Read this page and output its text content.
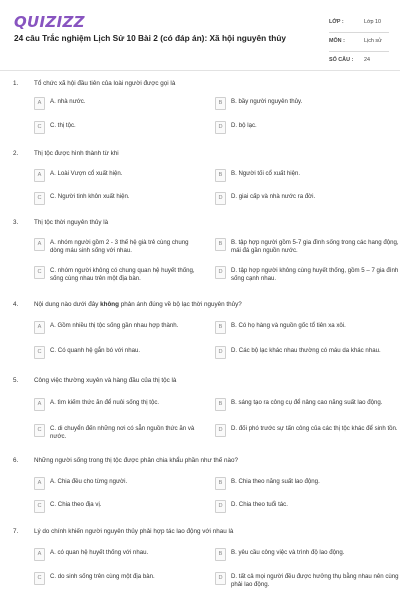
QUIZIZZ
24 câu Trắc nghiệm Lịch Sử 10 Bài 2 (có đáp án): Xã hội nguyên thủy
LỚP :	Lớp 10
MÔN :	Lịch sử
SỐ CÂU : 24
1. Tổ chức xã hội đầu tiên của loài người được gọi là
A	A. nhà nước.	B	B. bầy người nguyên thủy.
C	C. thị tộc.	D	D. bộ lạc.
2. Thị tộc được hình thành từ khi
A	A. Loài Vượn cổ xuất hiện.	B	B. Người tối cổ xuất hiện.
C	C. Người tinh khôn xuất hiện.	D	D. giai cấp và nhà nước ra đời.
3. Thị tộc thời nguyên thủy là
A	A. nhóm người gồm 2 - 3 thế hệ già trẻ cùng chung dòng máu sinh sống với nhau.
B	B. tập hợp người gồm 5-7 gia đình sống trong các hang động, mái đá gần nguồn nước.
C	C. nhóm người không có chung quan hệ huyết thống, sống cùng nhau trên một địa bàn.
D	D. tập hợp người không cùng huyết thống, gồm 5 – 7 gia đình sống cạnh nhau.
4. Nội dung nào dưới đây không phản ánh đúng về bộ lạc thời nguyên thủy?
A	A. Gồm nhiều thị tộc sống gần nhau hợp thành.	B	B. Có họ hàng và nguồn gốc tổ tiên xa xôi.
C	C. Có quanh hệ gắn bó với nhau.	D	D. Các bộ lạc khác nhau thường có máu da khác nhau.
5. Công việc thường xuyên và hàng đầu của thị tộc là
A	A. tìm kiếm thức ăn để nuôi sống thị tộc.	B	B. sáng tạo ra công cụ để nâng cao năng suất lao động.
C	C. di chuyển đến những nơi có sẵn nguồn thức ăn và nước.
D	D. đối phó trước sự tấn công của các thị tộc khác để sinh tồn.
6. Những người sống trong thị tộc được phân chia khẩu phần như thế nào?
A	A. Chia đều cho từng người.	B	B. Chia theo năng suất lao động.
C	C. Chia theo địa vị.	D	D. Chia theo tuổi tác.
7. Lý do chính khiến người nguyên thủy phải hợp tác lao động với nhau là
A	A. có quan hệ huyết thống với nhau.	B	B. yêu cầu công việc và trình độ lao động.
C	C. do sinh sống trên cùng một địa bàn.	D	D. tất cả mọi người đều được hưởng thụ bằng nhau nên cùng phải lao động.
